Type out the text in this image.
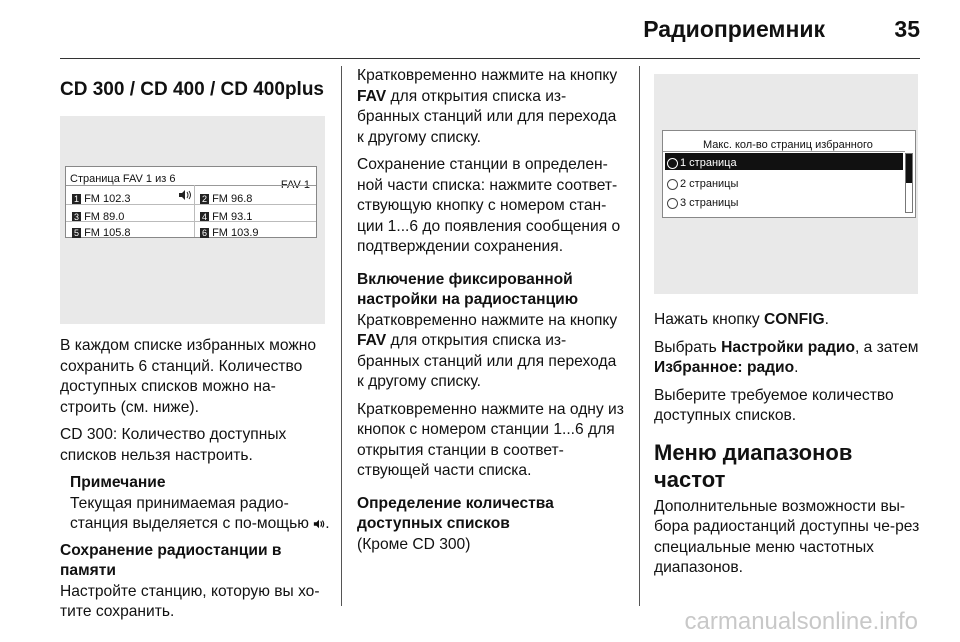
Радиоприемник	35
CD 300 / CD 400 / CD 400plus
Страница FAV 1 из 6	FAV 1
1 FM 102.3	2 FM 96.8
3 FM 89.0	4 FM 93.1
5 FM 105.8	6 FM 103.9

В каждом списке избранных можно сохранить 6 станций. Количество доступных списков можно на-строить (см. ниже).

CD 300: Количество доступных списков нельзя настроить.

Примечание
Текущая принимаемая радио-станция выделяется с по-мощью .
Сохранение радиостанции в памяти

Настройте станцию, которую вы хо-тите сохранить.

Кратковременно нажмите на кнопку FAV для открытия списка из-бранных станций или для перехода к другому списку.

Сохранение станции в определен-ной части списка: нажмите соответ-ствующую кнопку с номером стан-ции 1...6 до появления сообщения о подтверждении сохранения.

Включение фиксированной настройки на радиостанцию

Кратковременно нажмите на кнопку FAV для открытия списка из-бранных станций или для перехода к другому списку.

Кратковременно нажмите на одну из кнопок с номером станции 1...6 для открытия станции в соответ-ствующей части списка.

Определение количества доступных списков

(Кроме CD 300)

Макс. кол-во страниц избранного
1 страница
2 страницы
3 страницы

Нажать кнопку CONFIG.

Выбрать Настройки радио, а затем Избранное: радио.

Выберите требуемое количество доступных списков.

Меню диапазонов частот

Дополнительные возможности вы-бора радиостанций доступны че-рез специальные меню частотных диапазонов.

carmanualsonline.info
